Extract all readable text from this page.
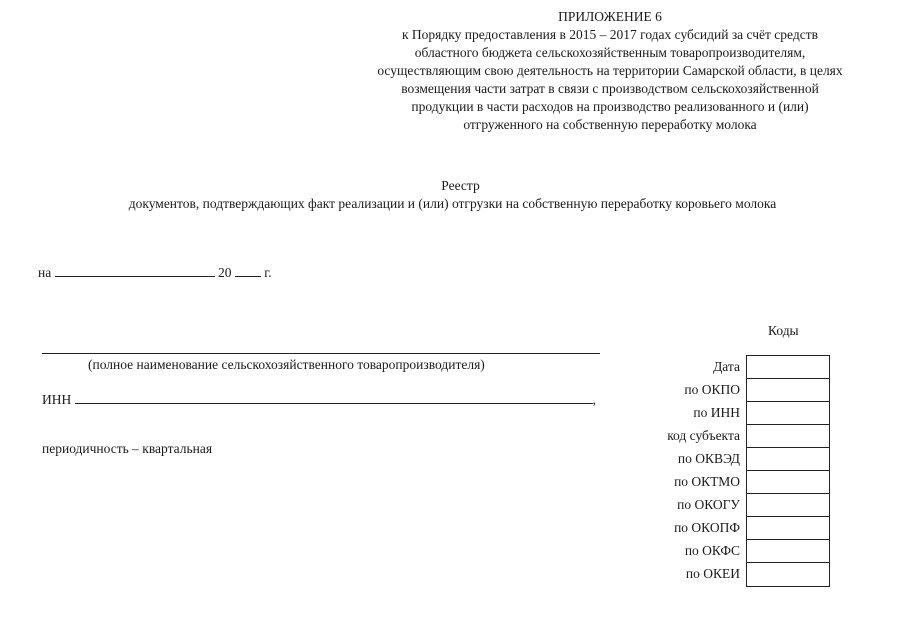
ПРИЛОЖЕНИЕ 6
к Порядку предоставления в 2015 – 2017 годах субсидий за счёт средств
областного бюджета сельскохозяйственным товаропроизводителям,
осуществляющим свою деятельность на территории Самарской области, в целях
возмещения части затрат в связи с производством сельскохозяйственной
продукции в части расходов на производство реализованного и (или)
отгруженного на собственную переработку молока
Реестр
документов, подтверждающих факт реализации и (или) отгрузки на собственную переработку коровьего молока
на	20 г.
(полное наименование сельскохозяйственного товаропроизводителя)
ИНН	,
периодичность – квартальная
Коды
Дата
по ОКПО
по ИНН
код субъекта
по ОКВЭД
по ОКТМО
по ОКОГУ
по ОКОПФ
по ОКФС
по ОКЕИ
